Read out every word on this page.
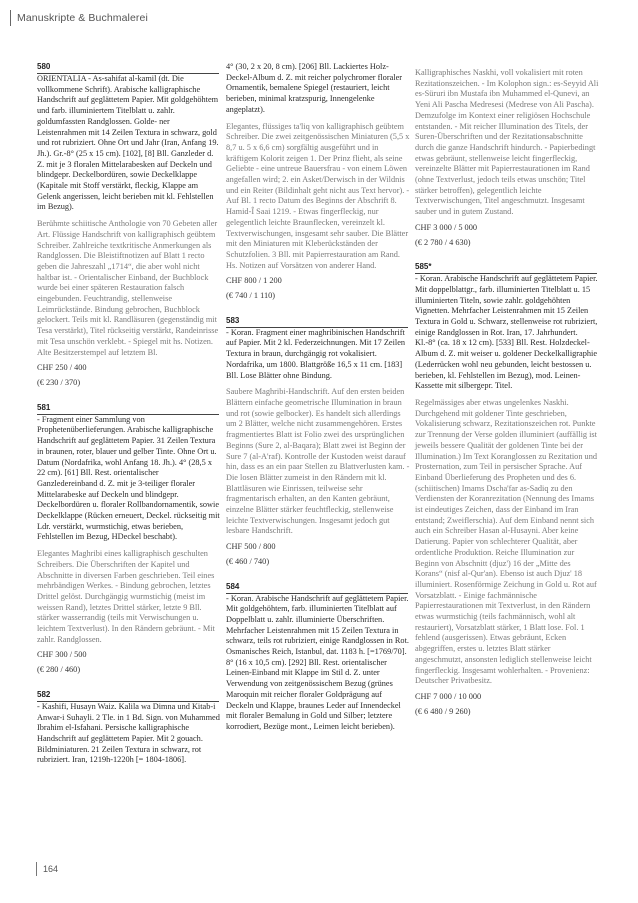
Manuskripte & Buchmalerei
580
ORIENTALIA - As-sahifat al-kamil (dt. Die vollkommene Schrift). Arabische kalligraphische Handschrift auf geglättetem Papier. Mit goldgehöhtem und farb. illuminiertem Titelblatt u. zahlr. goldumfassten Randglossen. Golde- ner Leistenrahmen mit 14 Zeilen Textura in schwarz, gold und rot rubriziert. Ohne Ort und Jahr (Iran, Anfang 19. Jh.). Gr.-8° (25 x 15 cm). [102], [8] Bll. Ganzleder d. Z. mit je 3 floralen Mittelarabesken auf Deckeln und blindgepr. Deckelbordüren, sowie Deckelklappe (Kapitale mit Stoff verstärkt, fleckig, Klappe am Gelenk angerissen, leicht berieben mit kl. Fehlstellen im Bezug).
Berühmte schiitische Anthologie von 70 Gebeten aller Art. Flüssige Handschrift von kalligraphisch geübtem Schreiber. Zahlreiche textkritische Anmerkungen als Randglossen. Die Bleistiftnotizen auf Blatt 1 recto geben die Jahreszahl „1714“, die aber wohl nicht haltbar ist. - Orientalischer Einband, der Buchblock wurde bei einer späteren Restauration falsch eingebunden. Feuchtrandig, stellenweise Leimrückstände. Bindung gebrochen, Buchblock gelockert. Teils mit kl. Randläsuren (gegenständig mit Tesa verstärkt), Titel rückseitig verstärkt, Randeinrisse mit Tesa unschön verklebt. - Spiegel mit hs. Notizen. Alte Besitzerstempel auf letztem Bl.
CHF 250 / 400
(€ 230 / 370)
581
- Fragment einer Sammlung von Prophetenüberlieferungen. Arabische kalligraphische Handschrift auf geglättetem Papier. 31 Zeilen Textura in braunen, roter, blauer und gelber Tinte. Ohne Ort u. Datum (Nordafrika, wohl Anfang 18. Jh.). 4° (28,5 x 22 cm). [61] Bll. Rest. orientalischer Ganzledereinband d. Z. mit je 3-teiliger floraler Mittelarabeske auf Deckeln und blindgepr. Deckelbordüren u. floraler Rollbandornamentik, sowie Deckelklappe (Rücken erneuert, Deckel. rückseitig mit Ldr. verstärkt, wurmstichig, etwas berieben, Fehlstellen im Bezug, HDeckel beschabt).
Elegantes Maghribi eines kalligraphisch geschulten Schreibers. Die Überschriften der Kapitel und Abschnitte in diversen Farben geschrieben. Teil eines mehrbändigen Werkes. - Bindung gebrochen, letztes Drittel gelöst. Durchgängig wurmstichig (meist im weissen Rand), letztes Drittel stärker, letzte 9 Bll. stärker wasserrandig (teils mit Verwischungen u. leichtem Textverlust). In den Rändern gebräunt. - Mit zahlr. Randglossen.
CHF 300 / 500
(€ 280 / 460)
582
- Kashifi, Husayn Waiz. Kalila wa Dimna und Kitab-i Anwar-i Suhayli. 2 Tle. in 1 Bd. Sign. von Muhammed Ibrahim el-Isfahani. Persische kalligraphische Handschrift auf geglättetem Papier. Mit 2 gouach. Bildminiaturen. 21 Zeilen Textura in schwarz, rot rubriziert. Iran, 1219h-1220h [= 1804-1806].
4° (30, 2 x 20, 8 cm). [206] Bll. Lackiertes Holz-Deckel-Album d. Z. mit reicher polychromer floraler Ornamentik, bemalene Spiegel (restauriert, leicht berieben, minimal kratzspurig, Innengelenke angeplatzt).
Elegantes, flüssiges ta'liq von kalligraphisch geübtem Schreiber. Die zwei zeitgenössischen Miniaturen (5,5 x 8,7 u. 5 x 6,6 cm) sorgfältig ausgeführt und in kräftigem Kolorit zeigen 1. Der Prinz flieht, als seine Geliebte - eine untreue Bauersfrau - von einem Löwen angefallen wird; 2. ein Asket/Derwisch in der Wildnis und ein Reiter (Bildinhalt geht nicht aus Text hervor). - Auf Bl. 1 recto Datum des Beginns der Abschrift 8. Hamid-Î Saai 1219. - Etwas fingerfleckig, nur gelegentlich leichte Braunflecken, vereinzelt kl. Textverwischungen, insgesamt sehr sauber. Die Blätter mit den Miniaturen mit Kleberückständen der Schutzfolien. 3 Bll. mit Papierrestauration am Rand. Hs. Notizen auf Vorsätzen von anderer Hand.
CHF 800 / 1 200
(€ 740 / 1 110)
583
- Koran. Fragment einer maghribinischen Handschrift auf Papier. Mit 2 kl. Federzeichnungen. Mit 17 Zeilen Textura in braun, durchgängig rot vokalisiert. Nordafrika, um 1800. Blattgröße 16,5 x 11 cm. [183] Bll. Lose Blätter ohne Bindung.
Saubere Maghribi-Handschrift. Auf den ersten beiden Blättern einfache geometrische Illumination in braun und rot (sowie gelbocker). Es handelt sich allerdings um 2 Blätter, welche nicht zusammengehören. Erstes fragmentiertes Blatt ist Folio zwei des ursprünglichen Beginns (Sure 2, al-Baqara); Blatt zwei ist Beginn der Sure 7 (al-A'raf). Kontrolle der Kustoden weist darauf hin, dass es an ein paar Stellen zu Blattverlusten kam. - Die losen Blätter zumeist in den Rändern mit kl. Blattläsuren wie Einrissen, teilweise sehr fragmentarisch erhalten, an den Kanten gebräunt, einzelne Blätter stärker feuchtfleckig, stellenweise leichte Textverwischungen. Insgesamt jedoch gut lesbare Handschrift.
CHF 500 / 800
(€ 460 / 740)
584
- Koran. Arabische Handschrift auf geglättetem Papier. Mit goldgehöhtem, farb. illuminierten Titelblatt auf Doppelblatt u. zahlr. illuminierte Überschriften. Mehrfacher Leistenrahmen mit 15 Zeilen Textura in schwarz, teils rot rubriziert, einige Randglossen in Rot. Osmanisches Reich, Istanbul, dat. 1183 h. [=1769/70]. 8° (16 x 10,5 cm). [292] Bll. Rest. orientalischer Leinen-Einband mit Klappe im Stil d. Z. unter Verwendung von zeitgenössischem Bezug (grünes Maroquin mit reicher floraler Goldprägung auf Deckeln und Klappe, braunes Leder auf Innendeckel mit floraler Bemalung in Gold und Silber; letztere korrodiert, Bezüge mont., Leimen leicht berieben).
Kalligraphisches Naskhi, voll vokalisiert mit roten Rezitationszeichen. - Im Kolophon sign.: es-Seyyid Ali es-Süruri ibn Mustafa ibn Muhammed el-Qunevi, an Yeni Ali Pascha Medresesi (Medrese von Ali Pascha). Demzufolge im Kontext einer religiösen Hochschule entstanden. - Mit reicher Illumination des Titels, der Suren-Überschriften und der Rezitationsabschnitte durch die ganze Handschrift hindurch. - Papierbedingt etwas gebräunt, stellenweise leicht fingerfleckig, vereinzelte Blätter mit Papierrestaurationen im Rand (ohne Textverlust, jedoch teils etwas unschön; Titel stärker betroffen), gelegentlich leichte Textverwischungen, Titel angeschmutzt. Insgesamt sauber und in gutem Zustand.
CHF 3 000 / 5 000
(€ 2 780 / 4 630)
585*
- Koran. Arabische Handschrift auf geglättetem Papier. Mit doppelblattgr., farb. illuminierten Titelblatt u. 15 illuminierten Titeln, sowie zahlr. goldgehöhten Vignetten. Mehrfacher Leistenrahmen mit 15 Zeilen Textura in Gold u. Schwarz, stellenweise rot rubriziert, einige Randglossen in Rot. Iran, 17. Jahrhundert. Kl.-8° (ca. 18 x 12 cm). [533] Bll. Rest. Holzdeckel-Album d. Z. mit weiser u. goldener Deckelkalligraphie (Lederrücken wohl neu gebunden, leicht bestossen u. berieben, kl. Fehlstellen im Bezug), mod. Leinen-Kassette mit silbergepr. Titel.
Regelmässiges aber etwas ungelenkes Naskhi. Durchgehend mit goldener Tinte geschrieben, Vokalisierung schwarz, Rezitationszeichen rot. Punkte zur Trennung der Verse golden illuminiert (auffällig ist jeweils bessere Qualität der goldenen Tinte bei der Illumination.) Im Text Koranglossen zu Rezitation und Prosternation, zum Teil in persischer Sprache. Auf Einband Überlieferung des Propheten und des 6. (schiitischen) Imams Dscha'far as-Sadiq zu den Verdiensten der Koranrezitation (Nennung des Imams ist eindeutiges Zeichen, dass der Einband im Iran entstand; Zweiflerschia). Auf dem Einband nennt sich auch ein Schreiber Hasan al-Husayni. Aber keine Datierung. Papier von schlechterer Qualität, aber ordentliche Produktion. Reiche Illumination zur Beginn von Abschnitt (djuz') 16 der „Mitte des Korans“ (nisf al-Qur'an). Ebenso ist auch Djuz' 18 illuminiert. Rosenförmige Zeichung in Gold u. Rot auf Vorsatzblatt. - Einige fachmännische Papierrestaurationen mit Textverlust, in den Rändern etwas wurmstichig (teils fachmännisch, wohl alt restauriert), Vorsatzblatt stärker, 1 Blatt lose. Fol. 1 fehlend (ausgerissen). Etwas gebräunt, Ecken abgegriffen, erstes u. letztes Blatt stärker angeschmutzt, ansonsten lediglich stellenweise leicht fingerfleckig. Insgesamt wohlerhalten. - Provenienz: Deutscher Privatbesitz.
CHF 7 000 / 10 000
(€ 6 480 / 9 260)
164
